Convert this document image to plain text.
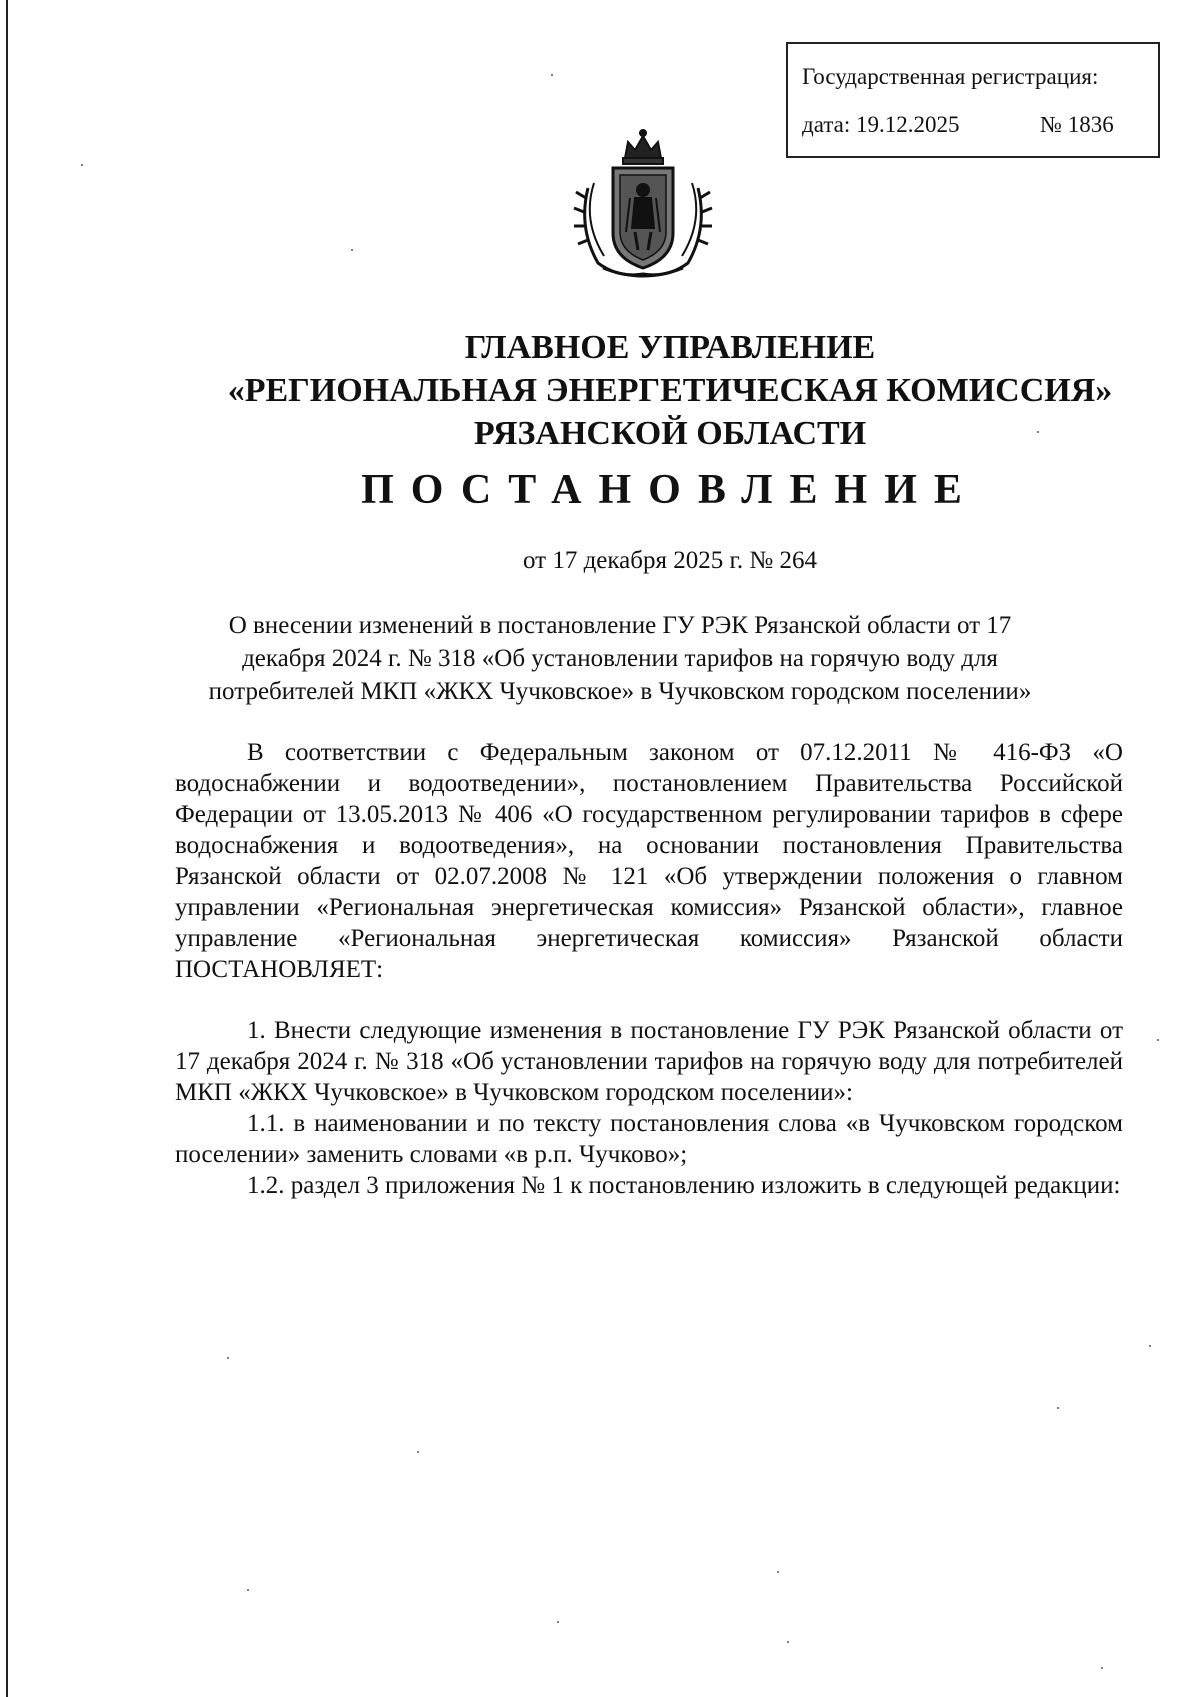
Государственная регистрация:
дата: 19.12.2025	№ 1836
ГЛАВНОЕ УПРАВЛЕНИЕ
«РЕГИОНАЛЬНАЯ ЭНЕРГЕТИЧЕСКАЯ КОМИССИЯ»
РЯЗАНСКОЙ ОБЛАСТИ
ПОСТАНОВЛЕНИЕ
от 17 декабря 2025 г. № 264
О внесении изменений в постановление ГУ РЭК Рязанской области от 17
декабря 2024 г. № 318 «Об установлении тарифов на горячую воду для
потребителей МКП «ЖКХ Чучковское» в Чучковском городском поселении»

В соответствии с Федеральным законом от 07.12.2011 № 416-ФЗ «О водоснабжении и водоотведении», постановлением Правительства Российской Федерации от 13.05.2013 № 406 «О государственном регулировании тарифов в сфере водоснабжения и водоотведения», на основании постановления Правительства Рязанской области от 02.07.2008 № 121 «Об утверждении положения о главном управлении «Региональная энергетическая комиссия» Рязанской области», главное управление «Региональная энергетическая комиссия» Рязанской области ПОСТАНОВЛЯЕТ:

1. Внести следующие изменения в постановление ГУ РЭК Рязанской области от 17 декабря 2024 г. № 318 «Об установлении тарифов на горячую воду для потребителей МКП «ЖКХ Чучковское» в Чучковском городском поселении»:

1.1. в наименовании и по тексту постановления слова «в Чучковском городском поселении» заменить словами «в р.п. Чучково»;

1.2. раздел 3 приложения № 1 к постановлению изложить в следующей редакции:
